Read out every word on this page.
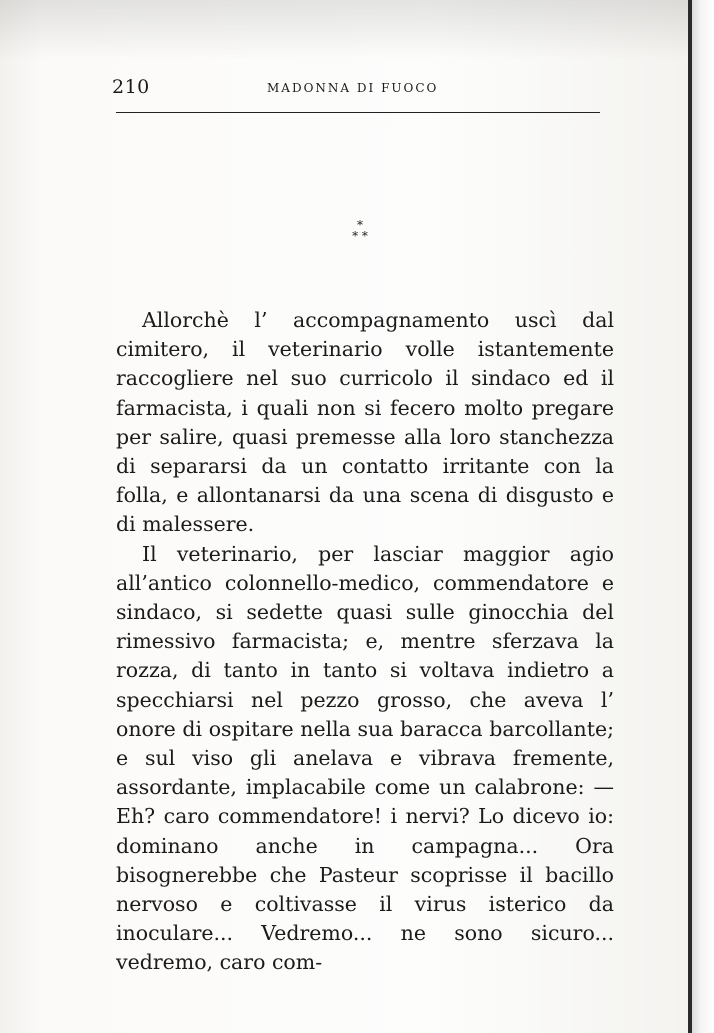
210	MADONNA DI FUOCO
*
* *

Allorchè l’ accompagnamento uscì dal cimitero, il veterinario volle istantemente raccogliere nel suo curricolo il sindaco ed il farmacista, i quali non si fecero molto pregare per salire, quasi premesse alla loro stanchezza di separarsi da un contatto irritante con la folla, e allontanarsi da una scena di disgusto e di malessere.

Il veterinario, per lasciar maggior agio all’antico colonnello-medico, commendatore e sindaco, si sedette quasi sulle ginocchia del rimessivo farmacista; e, mentre sferzava la rozza, di tanto in tanto si voltava indietro a specchiarsi nel pezzo grosso, che aveva l’ onore di ospitare nella sua baracca barcollante; e sul viso gli anelava e vibrava fremente, assordante, implacabile come un calabrone: — Eh? caro commendatore! i nervi? Lo dicevo io: dominano anche in campagna... Ora bisognerebbe che Pasteur scoprisse il bacillo nervoso e coltivasse il virus isterico da inoculare... Vedremo... ne sono sicuro... vedremo, caro com-
